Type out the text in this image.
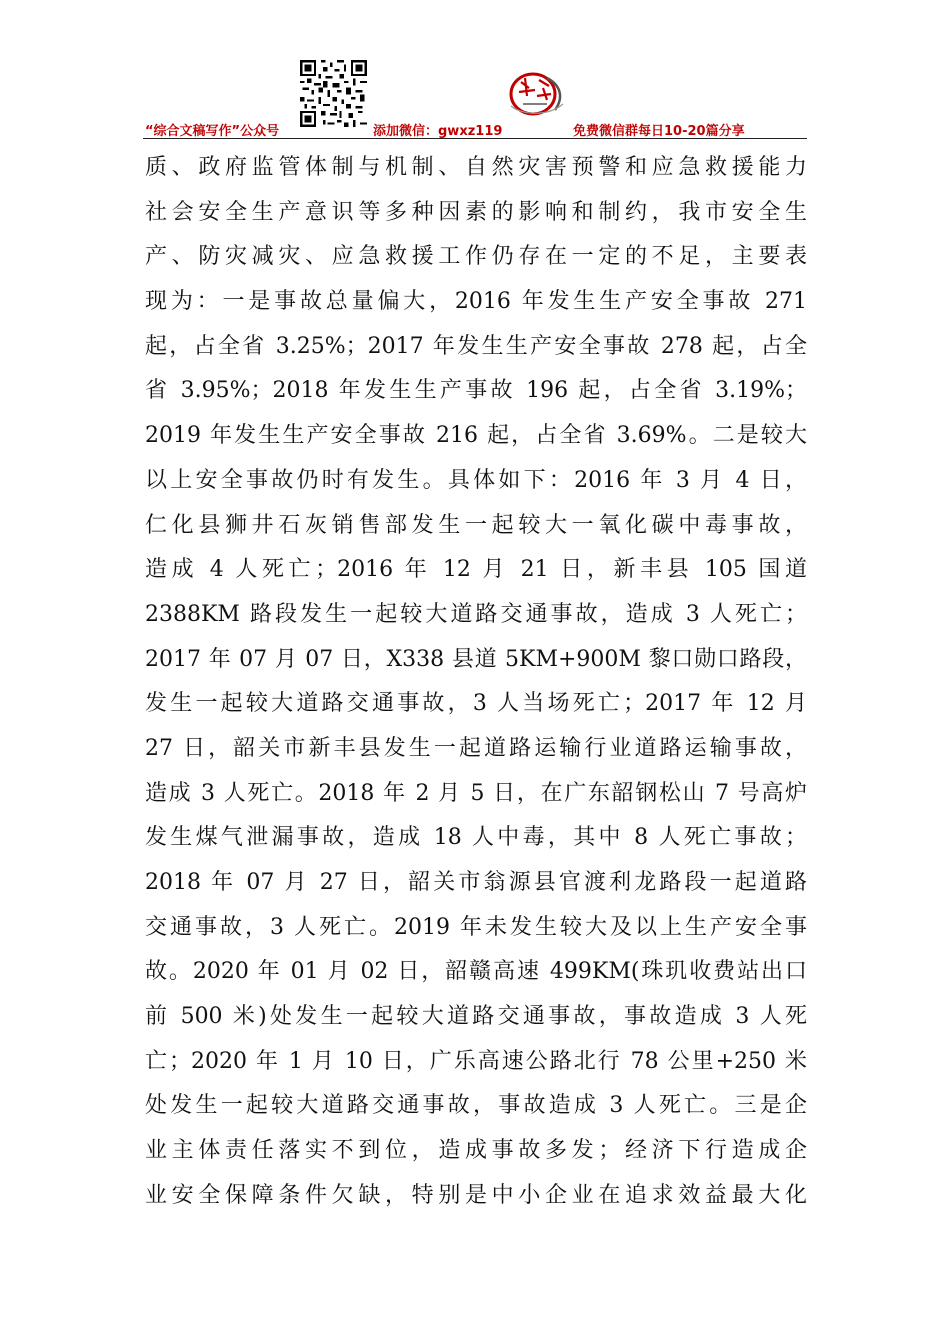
“综合文稿写作”公众号	添加微信：gwxz119	免费微信群每日10-20篇分享
质、政府监管体制与机制、自然灾害预警和应急救援能力
社会安全生产意识等多种因素的影响和制约，我市安全生
产、防灾减灾、应急救援工作仍存在一定的不足，主要表
现为：一是事故总量偏大，2016 年发生生产安全事故 271
起，占全省 3.25%；2017 年发生生产安全事故 278 起，占全
省 3.95%；2018 年发生生产事故 196 起，占全省 3.19%；
2019 年发生生产安全事故 216 起，占全省 3.69%。二是较大
以上安全事故仍时有发生。具体如下：2016 年 3 月 4 日，
仁化县狮井石灰销售部发生一起较大一氧化碳中毒事故，
造成 4 人死亡；2016 年 12 月 21 日，新丰县 105 国道
2388KM 路段发生一起较大道路交通事故，造成 3 人死亡；
2017 年 07 月 07 日，X338 县道 5KM+900M 黎口勋口路段，
发生一起较大道路交通事故，3 人当场死亡；2017 年 12 月
27 日，韶关市新丰县发生一起道路运输行业道路运输事故，
造成 3 人死亡。2018 年 2 月 5 日，在广东韶钢松山 7 号高炉
发生煤气泄漏事故，造成 18 人中毒，其中 8 人死亡事故；
2018 年 07 月 27 日，韶关市翁源县官渡利龙路段一起道路
交通事故，3 人死亡。2019 年未发生较大及以上生产安全事
故。2020 年 01 月 02 日，韶赣高速 499KM(珠玑收费站出口
前 500 米)处发生一起较大道路交通事故，事故造成 3 人死
亡；2020 年 1 月 10 日，广乐高速公路北行 78 公里+250 米
处发生一起较大道路交通事故，事故造成 3 人死亡。三是企
业主体责任落实不到位，造成事故多发；经济下行造成企
业安全保障条件欠缺，特别是中小企业在追求效益最大化
